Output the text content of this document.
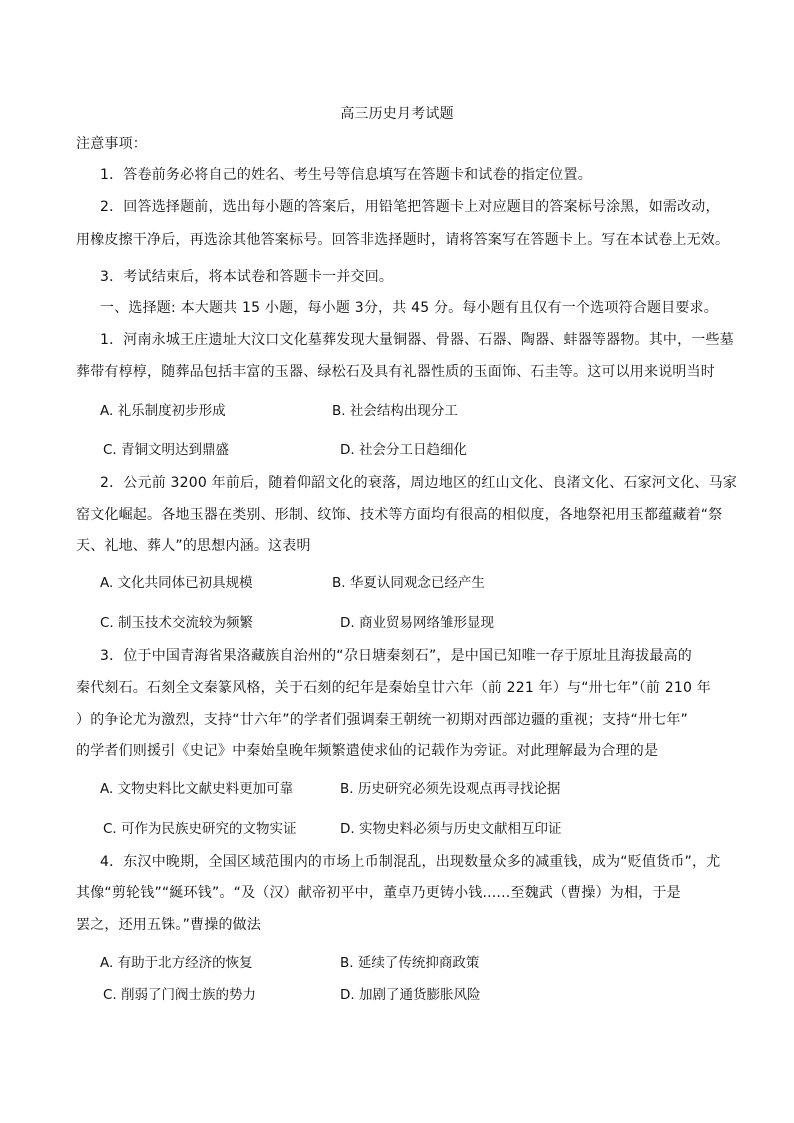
高三历史月考试题
注意事项：
1．答卷前务必将自己的姓名、考生号等信息填写在答题卡和试卷的指定位置。
2．回答选择题前，选出每小题的答案后，用铅笔把答题卡上对应题目的答案标号涂黑，如需改动，
用橡皮擦干净后，再选涂其他答案标号。回答非选择题时，请将答案写在答题卡上。写在本试卷上无效。
3．考试结束后，将本试卷和答题卡一并交回。
一、选择题: 本大题共 15 小题，每小题 3分，共 45 分。每小题有且仅有一个选项符合题目要求。
1．河南永城王庄遗址大汶口文化墓葬发现大量铜器、骨器、石器、陶器、蚌器等器物。其中，一些墓
葬带有椁椁，随葬品包括丰富的玉器、绿松石及具有礼器性质的玉面饰、石圭等。这可以用来说明当时
A. 礼乐制度初步形成	B. 社会结构出现分工
C. 青铜文明达到鼎盛	D. 社会分工日趋细化
2．公元前 3200 年前后，随着仰韶文化的衰落，周边地区的红山文化、良渚文化、石家河文化、马家
窑文化崛起。各地玉器在类别、形制、纹饰、技术等方面均有很高的相似度，各地祭祀用玉都蕴藏着“祭
天、礼地、葬人”的思想内涵。这表明
A. 文化共同体已初具规模	B. 华夏认同观念已经产生
C. 制玉技术交流较为频繁	D. 商业贸易网络雏形显现
3．位于中国青海省果洛藏族自治州的“尕日塘秦刻石”，是中国已知唯一存于原址且海拔最高的
秦代刻石。石刻全文秦篆风格，关于石刻的纪年是秦始皇廿六年（前 221 年）与“卅七年”（前 210 年
）的争论尤为激烈，支持“廿六年”的学者们强调秦王朝统一初期对西部边疆的重视；支持“卅七年”
的学者们则援引《史记》中秦始皇晚年频繁遣使求仙的记载作为旁证。对此理解最为合理的是
A. 文物史料比文献史料更加可靠	B. 历史研究必须先设观点再寻找论据
C. 可作为民族史研究的文物实证	D. 实物史料必须与历史文献相互印证
4．东汉中晚期，全国区域范围内的市场上币制混乱，出现数量众多的减重钱，成为“贬值货币”，尤
其像“剪轮钱”“綖环钱”。“及（汉）献帝初平中，董卓乃更铸小钱......至魏武（曹操）为相，于是
罢之，还用五铢。”曹操的做法
A. 有助于北方经济的恢复	B. 延续了传统抑商政策
C. 削弱了门阀士族的势力	D. 加剧了通货膨胀风险
